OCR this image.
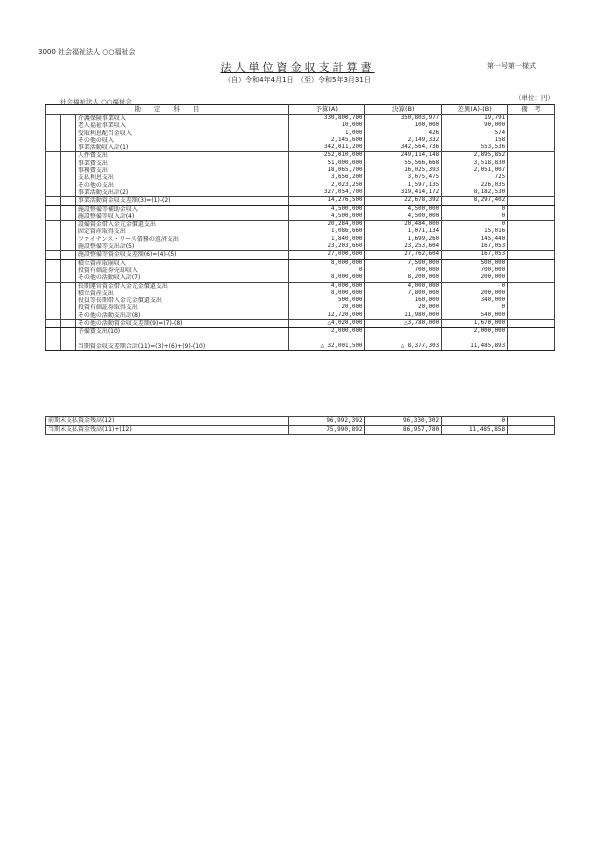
3000 社会福祉法人 ○○福祉会
第一号第一様式
法人単位資金収支計算書
（自）令和4年4月1日　（至）令和5年3月31日
社会福祉法人 ○○福祉会	（単位：円）
勘　　定　　科　　目			予算(A)	決算(B)	差異(A)-(B)	備　考
		介護保険事業収入	330,800,700	350,803,977	19,791	
		老人福祉事業収入	10,000	100,000	90,000	
		受取利息配当金収入	1,000	426	574	
		その他の収入	2,145,600	2,149,332	158	
		事業活動収入計(1)	342,011,200	342,564,736	553,536	
		人件費支出	252,010,000	249,114,148	2,895,852	
		事業費支出	51,000,000	55,566,668	3,518,830	
		事務費支出	18,065,700	16,025,393	2,051,007	
		支払利息支出	3,656,200	3,675,475	725	
		その他の支出	2,023,250	1,597,135	226,035	
		事業活動支出計(2)	327,054,700	319,414,172	8,182,530	
		事業活動資金収支差額(3)=(1)-(2)	14,276,500	22,678,392	8,297,402	
		施設整備等補助金収入	4,500,000	4,500,000	0	
		施設整備等収入計(4)	4,500,000	4,500,000	0	
		設備資金借入金元金償還支出	20,284,000	20,484,000	0	
		固定資産取得支出	1,086,660	1,071,134	15,016	
		ファイナンス・リース債務の返済支出	1,840,000	1,699,260	145,440	
		施設整備等支出計(5)	23,203,660	23,253,604	167,053	
		施設整備等資金収支差額(6)=(4)-(5)	27,000,000	27,762,604	167,053	
		積立資産取崩収入	8,000,000	7,500,000	500,000	
		投資有価証券売却収入	0	700,000	700,000	
		その他の活動収入計(7)	8,000,000	8,200,000	200,000	
		長期運営資金借入金元金償還支出	4,000,000	4,000,000	0	
		積立資産支出	8,000,000	7,800,000	200,000	
		役員等長期借入金元金償還支出	500,000	160,000	340,000	
		投資有価証券取得支出	20,000	20,000	0	
		その他の活動支出計(8)	12,720,000	11,980,000	540,000	
		その他の活動資金収支差額(9)=(7)-(8)	△4,020,000	△3,780,000	1,670,000	
		予備費支出(10)	2,000,000		2,000,000	

		当期資金収支差額合計(11)=(3)+(6)+(9)-(10)	△ 32,001,500	△ 8,377,303	11,485,893	
前期末支払資金残高(12)	96,992,392	96,330,302	0	
当期末支払資金残高(11)+(12)	75,990,892	86,957,780	11,485,858	
